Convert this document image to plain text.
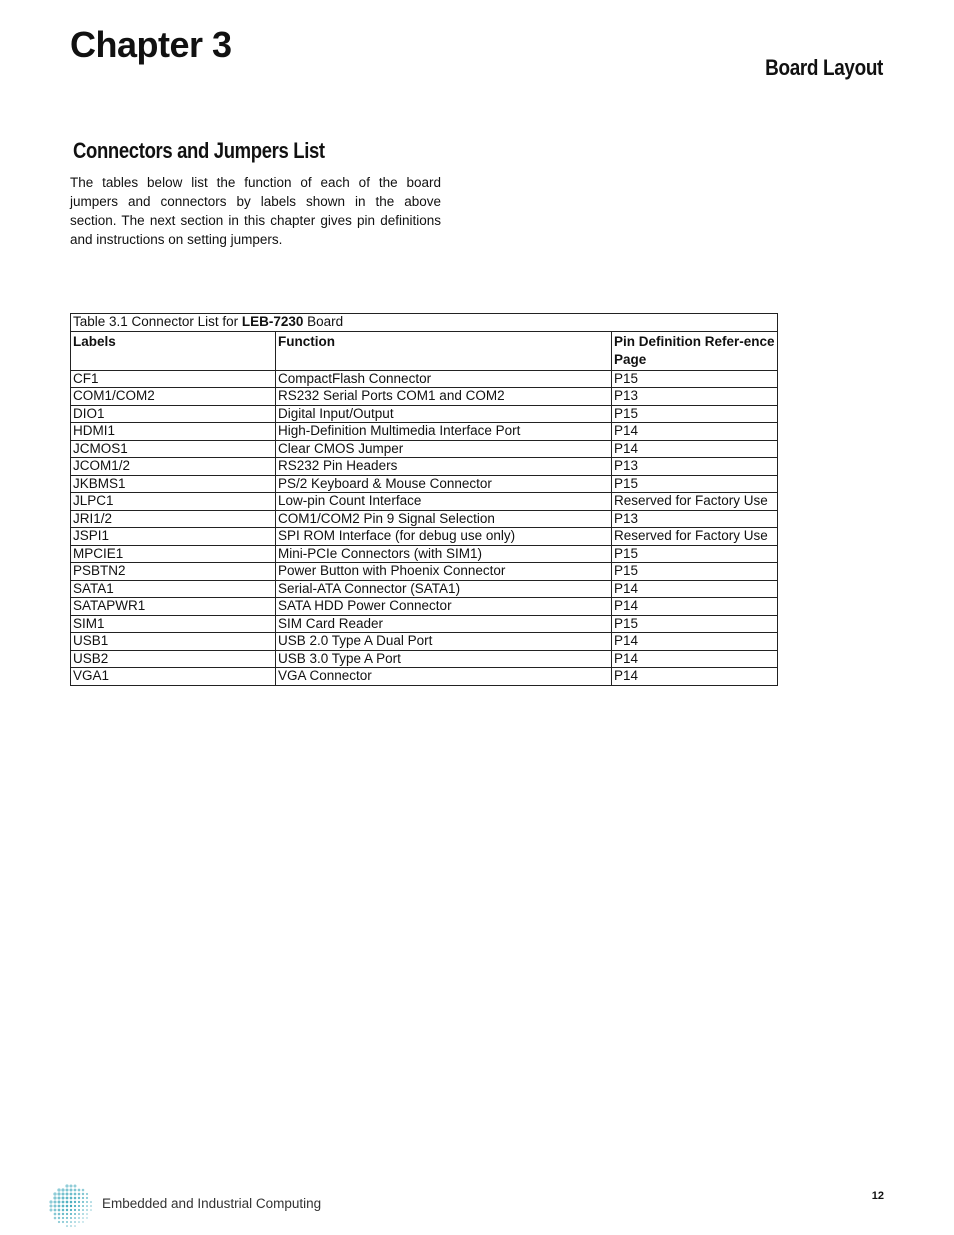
Chapter 3
Board Layout
Connectors and Jumpers List

The tables below list the function of each of the board jumpers and connectors by labels shown in the above section. The next section in this chapter gives pin definitions and instructions on setting jumpers.

Table 3.1 Connector List for LEB-7230 Board		
Labels	Function	Pin Definition Refer-ence Page
CF1	CompactFlash Connector	P15
COM1/COM2	RS232 Serial Ports COM1 and COM2	P13
DIO1	Digital Input/Output	P15
HDMI1	High-Definition Multimedia Interface Port	P14
JCMOS1	Clear CMOS Jumper	P14
JCOM1/2	RS232 Pin Headers	P13
JKBMS1	PS/2 Keyboard & Mouse Connector	P15
JLPC1	Low-pin Count Interface	Reserved for Factory Use
JRI1/2	COM1/COM2 Pin 9 Signal Selection	P13
JSPI1	SPI ROM Interface (for debug use only)	Reserved for Factory Use
MPCIE1	Mini-PCIe Connectors (with SIM1)	P15
PSBTN2	Power Button with Phoenix Connector	P15
SATA1	Serial-ATA Connector (SATA1)	P14
SATAPWR1	SATA HDD Power Connector	P14
SIM1	SIM Card Reader	P15
USB1	USB 2.0 Type A Dual Port	P14
USB2	USB 3.0 Type A Port	P14
VGA1	VGA Connector	P14
Embedded and Industrial Computing	12
